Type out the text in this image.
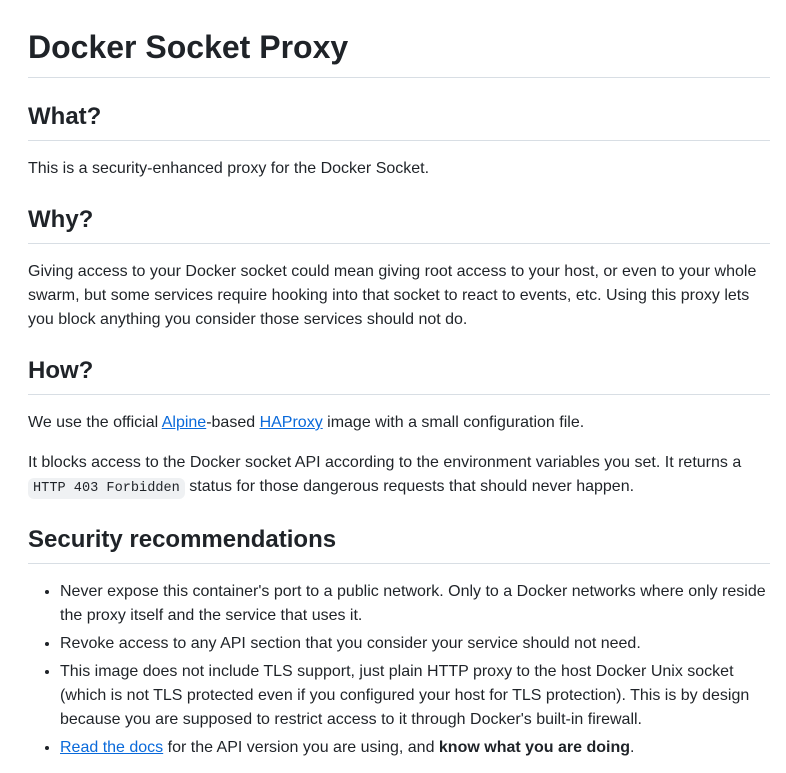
Docker Socket Proxy
What?

This is a security-enhanced proxy for the Docker Socket.

Why?

Giving access to your Docker socket could mean giving root access to your host, or even to your whole swarm, but some services require hooking into that socket to react to events, etc. Using this proxy lets you block anything you consider those services should not do.

How?

We use the official Alpine-based HAProxy image with a small configuration file.

It blocks access to the Docker socket API according to the environment variables you set. It returns a HTTP 403 Forbidden status for those dangerous requests that should never happen.

Security recommendations
• Never expose this container's port to a public network. Only to a Docker networks where only reside the proxy itself and the service that uses it.
• Revoke access to any API section that you consider your service should not need.
• This image does not include TLS support, just plain HTTP proxy to the host Docker Unix socket (which is not TLS protected even if you configured your host for TLS protection). This is by design because you are supposed to restrict access to it through Docker's built-in firewall.
• Read the docs for the API version you are using, and know what you are doing.
